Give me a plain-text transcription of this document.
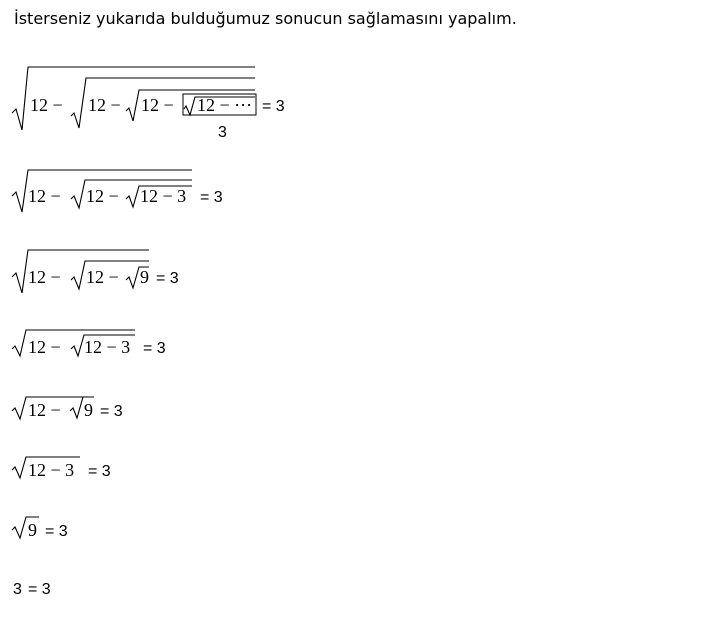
İsterseniz yukarıda bulduğumuz sonucun sağlamasını yapalım.
12 − 12 − 12 − 12 − ⋯
3
= 3
12 − 12 − 12 − 3 = 3
12 − 12 − 9 = 3
12 − 12 − 3 = 3
12 − 9 = 3
12 − 3 = 3
9 = 3
3 = 3
